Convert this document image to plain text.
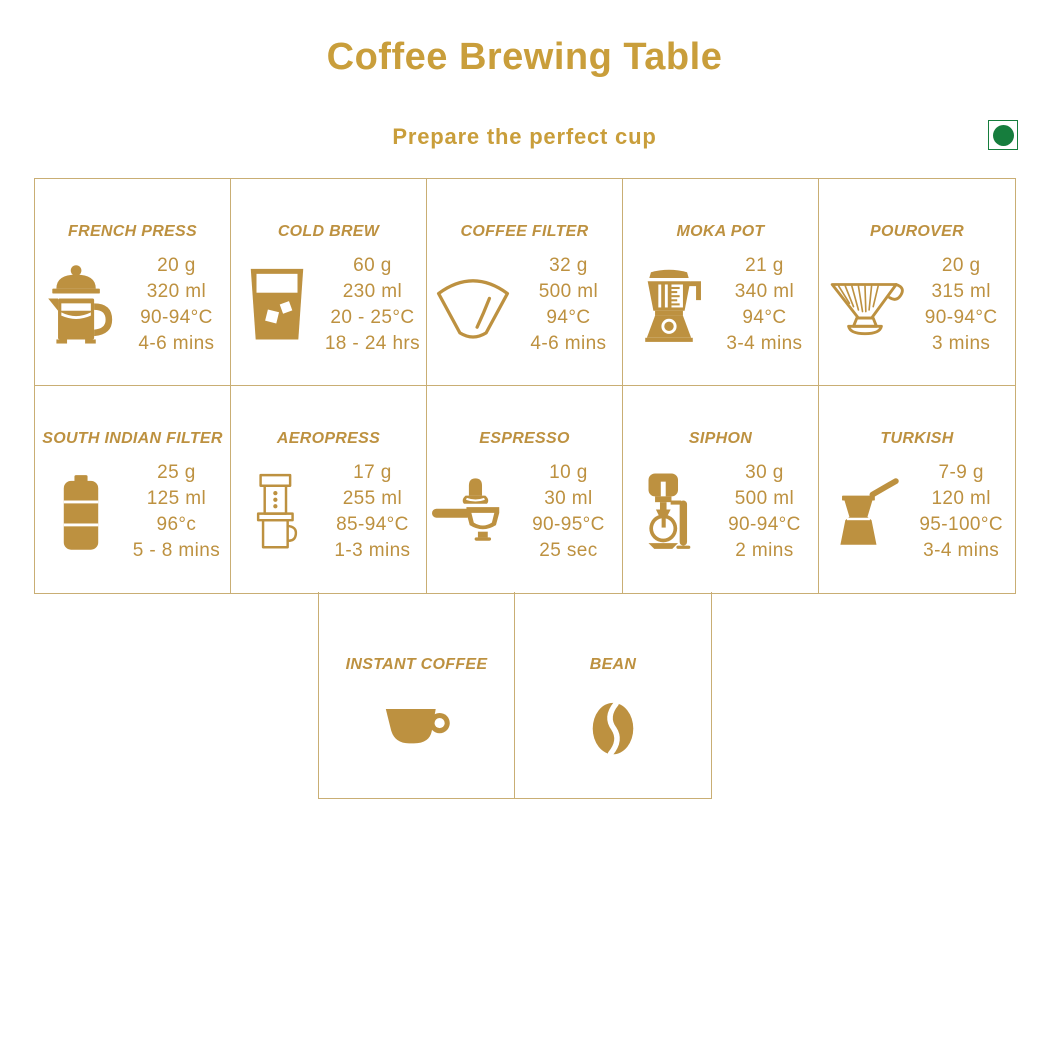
Coffee Brewing Table
Prepare the perfect cup
FRENCH PRESS
20 g
320 ml
90-94°C
4-6 mins
COLD BREW
60 g
230 ml
20 - 25°C
18 - 24 hrs
COFFEE FILTER
32 g
500 ml
94°C
4-6 mins
MOKA POT
21 g
340 ml
94°C
3-4 mins
POUROVER
20 g
315 ml
90-94°C
3 mins
SOUTH INDIAN FILTER
25 g
125 ml
96°c
5 - 8 mins
AEROPRESS
17 g
255 ml
85-94°C
1-3 mins
ESPRESSO
10 g
30 ml
90-95°C
25 sec
SIPHON
30 g
500 ml
90-94°C
2 mins
TURKISH
7-9 g
120 ml
95-100°C
3-4 mins
INSTANT COFFEE	BEAN
